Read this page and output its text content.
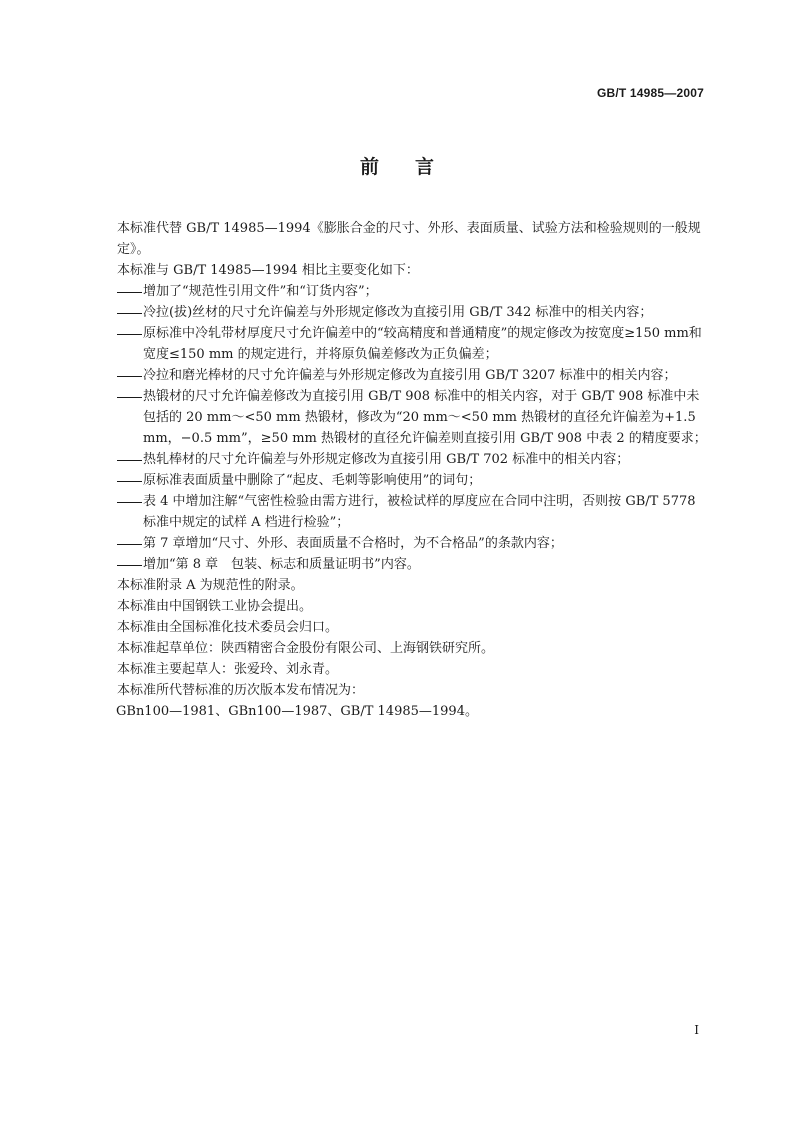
GB/T 14985—2007
前言

本标准代替 GB/T 14985—1994《膨胀合金的尺寸、外形、表面质量、试验方法和检验规则的一般规定》。

本标准与 GB/T 14985—1994 相比主要变化如下：

增加了“规范性引用文件”和“订货内容”；
冷拉(拔)丝材的尺寸允许偏差与外形规定修改为直接引用 GB/T 342 标准中的相关内容；
原标准中冷轧带材厚度尺寸允许偏差中的“较高精度和普通精度”的规定修改为按宽度≥150 mm和宽度≤150 mm 的规定进行，并将原负偏差修改为正负偏差；
冷拉和磨光棒材的尺寸允许偏差与外形规定修改为直接引用 GB/T 3207 标准中的相关内容；
热锻材的尺寸允许偏差修改为直接引用 GB/T 908 标准中的相关内容，对于 GB/T 908 标准中未包括的 20 mm～<50 mm 热锻材，修改为“20 mm～<50 mm 热锻材的直径允许偏差为+1.5 mm，−0.5 mm”，≥50 mm 热锻材的直径允许偏差则直接引用 GB/T 908 中表 2 的精度要求；
热轧棒材的尺寸允许偏差与外形规定修改为直接引用 GB/T 702 标准中的相关内容；
原标准表面质量中删除了“起皮、毛刺等影响使用”的词句；
表 4 中增加注解“气密性检验由需方进行，被检试样的厚度应在合同中注明，否则按 GB/T 5778标准中规定的试样 A 档进行检验”；
第 7 章增加“尺寸、外形、表面质量不合格时，为不合格品”的条款内容；
增加“第 8 章　包装、标志和质量证明书”内容。

本标准附录 A 为规范性的附录。

本标准由中国钢铁工业协会提出。

本标准由全国标准化技术委员会归口。

本标准起草单位：陕西精密合金股份有限公司、上海钢铁研究所。

本标准主要起草人：张爱玲、刘永青。

本标准所代替标准的历次版本发布情况为：

GBn100—1981、GBn100—1987、GB/T 14985—1994。

I
